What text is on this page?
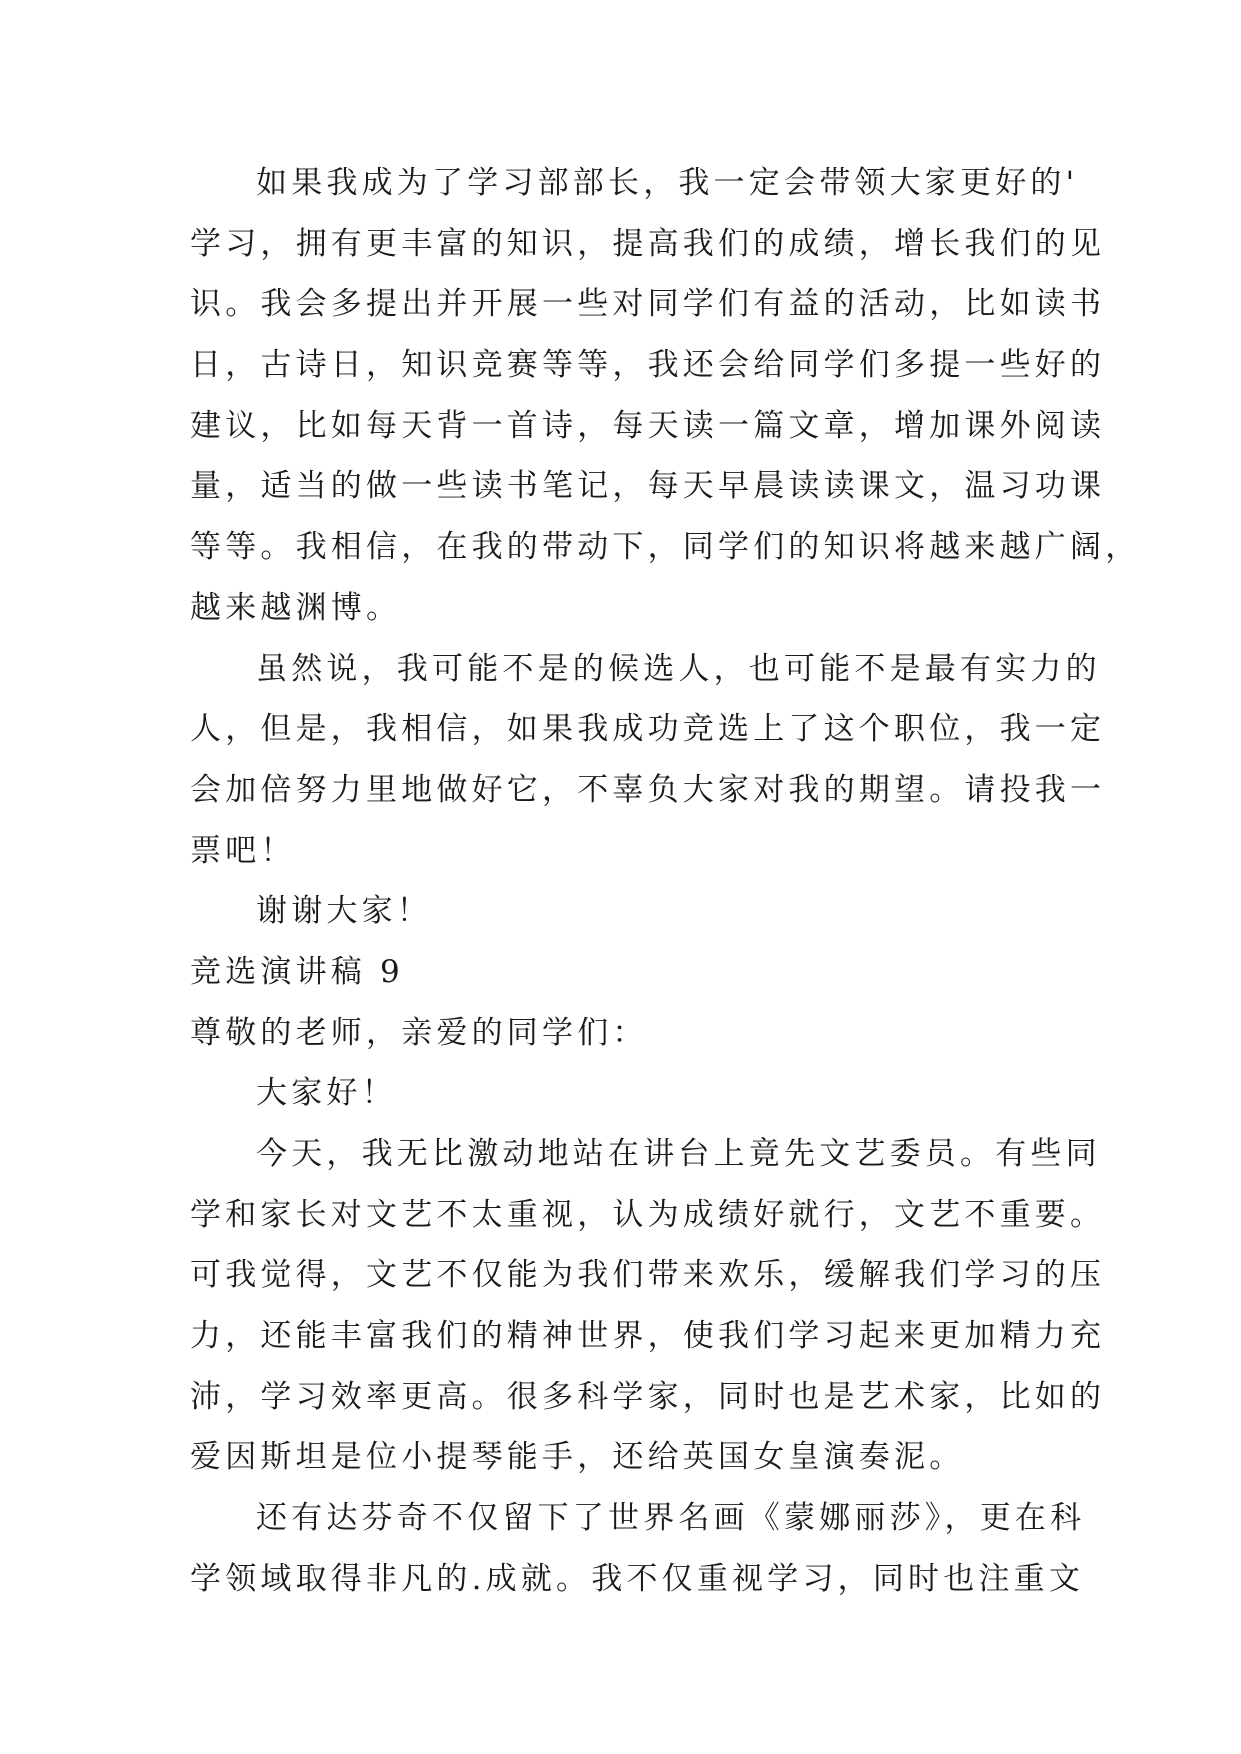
如果我成为了学习部部长，我一定会带领大家更好的'
学习，拥有更丰富的知识，提高我们的成绩，增长我们的见
识。我会多提出并开展一些对同学们有益的活动，比如读书
日，古诗日，知识竞赛等等，我还会给同学们多提一些好的
建议，比如每天背一首诗，每天读一篇文章，增加课外阅读
量，适当的做一些读书笔记，每天早晨读读课文，温习功课
等等。我相信，在我的带动下，同学们的知识将越来越广阔，
越来越渊博。

虽然说，我可能不是的候选人，也可能不是最有实力的
人，但是，我相信，如果我成功竞选上了这个职位，我一定
会加倍努力里地做好它，不辜负大家对我的期望。请投我一
票吧！

谢谢大家！

竞选演讲稿 9

尊敬的老师，亲爱的同学们：

大家好！

今天，我无比激动地站在讲台上竟先文艺委员。有些同
学和家长对文艺不太重视，认为成绩好就行，文艺不重要。
可我觉得，文艺不仅能为我们带来欢乐，缓解我们学习的压
力，还能丰富我们的精神世界，使我们学习起来更加精力充
沛，学习效率更高。很多科学家，同时也是艺术家，比如的
爱因斯坦是位小提琴能手，还给英国女皇演奏泥。

还有达芬奇不仅留下了世界名画《蒙娜丽莎》，更在科
学领域取得非凡的.成就。我不仅重视学习，同时也注重文
